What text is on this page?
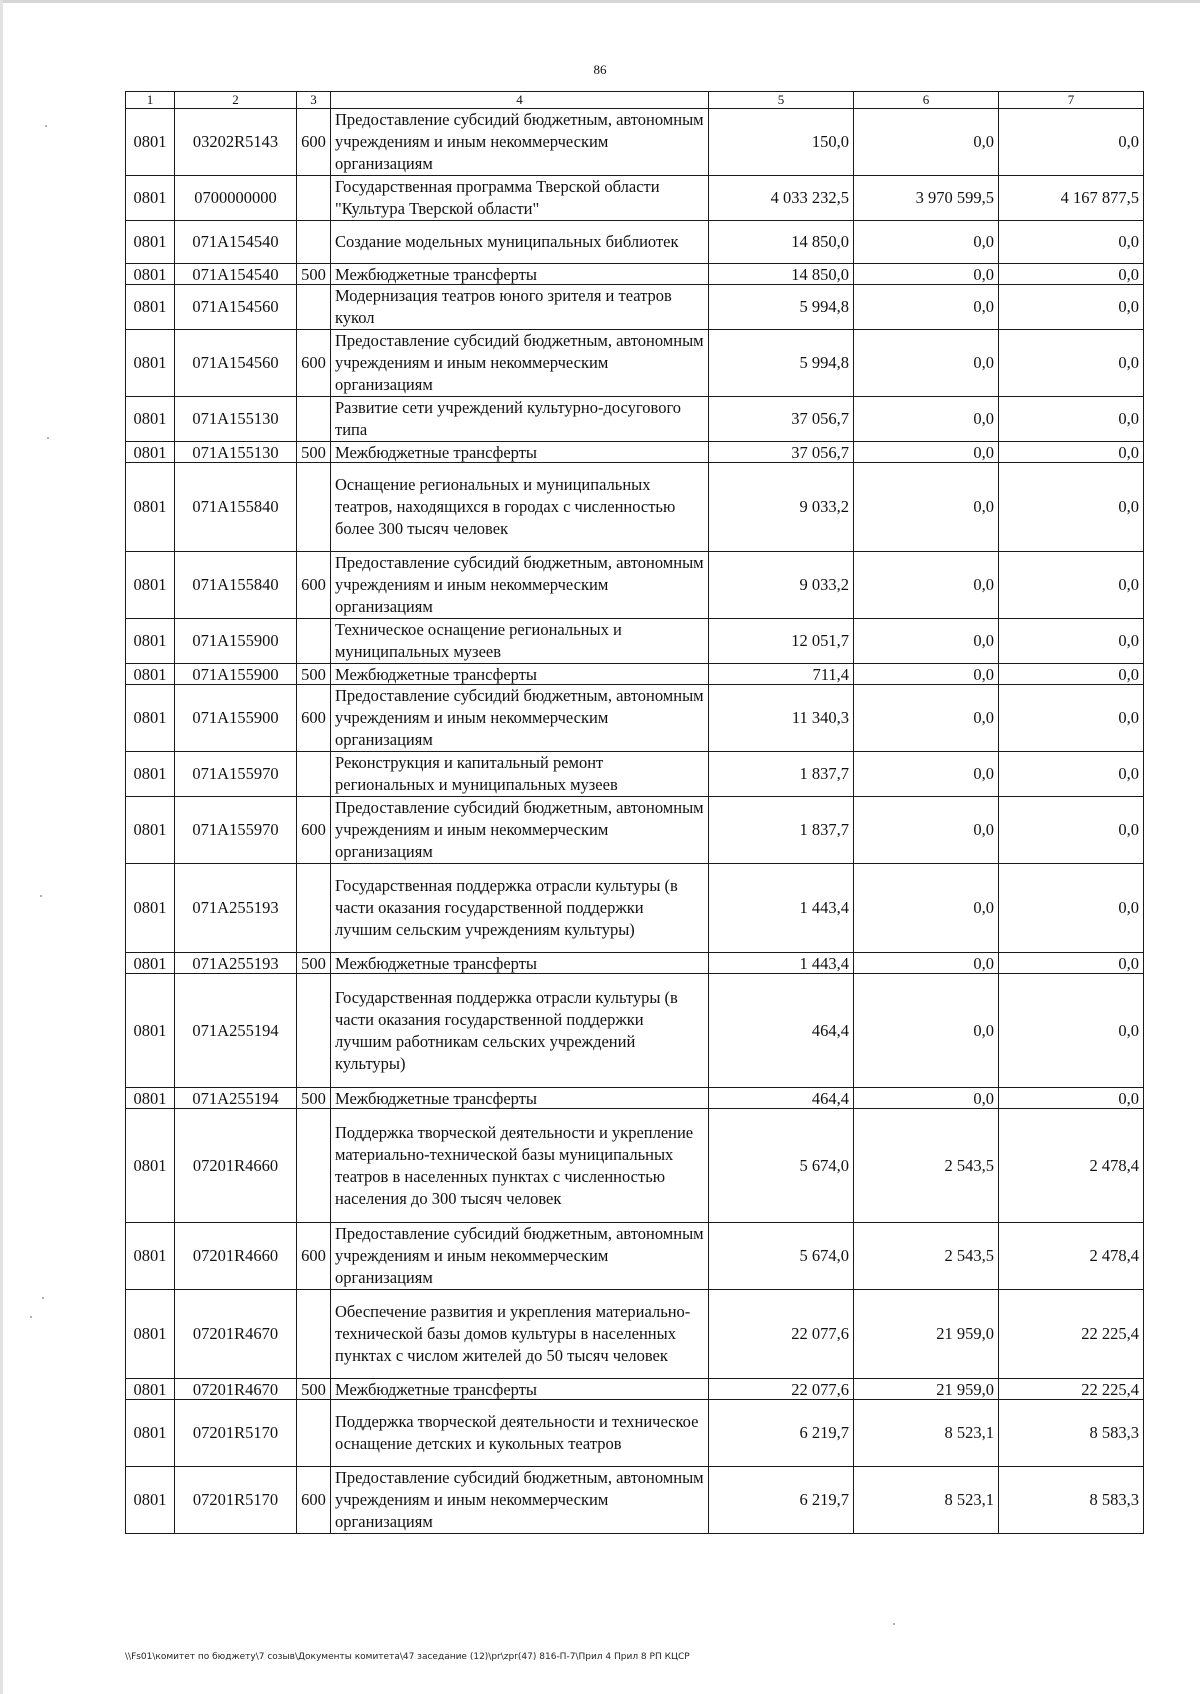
86
1	2	3	4	5	6	7
0801	03202R5143	600	Предоставление субсидий бюджетным, автономным учреждениям и иным некоммерческим организациям	150,0	0,0	0,0
0801	0700000000		Государственная программа Тверской области "Культура Тверской области"	4 033 232,5	3 970 599,5	4 167 877,5
0801	071A154540		Создание модельных муниципальных библиотек	14 850,0	0,0	0,0
0801	071A154540	500	Межбюджетные трансферты	14 850,0	0,0	0,0
0801	071A154560		Модернизация театров юного зрителя и театров кукол	5 994,8	0,0	0,0
0801	071A154560	600	Предоставление субсидий бюджетным, автономным учреждениям и иным некоммерческим организациям	5 994,8	0,0	0,0
0801	071A155130		Развитие сети учреждений культурно-досугового типа	37 056,7	0,0	0,0
0801	071A155130	500	Межбюджетные трансферты	37 056,7	0,0	0,0
0801	071A155840		Оснащение региональных и муниципальных театров, находящихся в городах с численностью более 300 тысяч человек	9 033,2	0,0	0,0
0801	071A155840	600	Предоставление субсидий бюджетным, автономным учреждениям и иным некоммерческим организациям	9 033,2	0,0	0,0
0801	071A155900		Техническое оснащение региональных и муниципальных музеев	12 051,7	0,0	0,0
0801	071A155900	500	Межбюджетные трансферты	711,4	0,0	0,0
0801	071A155900	600	Предоставление субсидий бюджетным, автономным учреждениям и иным некоммерческим организациям	11 340,3	0,0	0,0
0801	071A155970		Реконструкция и капитальный ремонт региональных и муниципальных музеев	1 837,7	0,0	0,0
0801	071A155970	600	Предоставление субсидий бюджетным, автономным учреждениям и иным некоммерческим организациям	1 837,7	0,0	0,0
0801	071A255193		Государственная поддержка отрасли культуры (в части оказания государственной поддержки лучшим сельским учреждениям культуры)	1 443,4	0,0	0,0
0801	071A255193	500	Межбюджетные трансферты	1 443,4	0,0	0,0
0801	071A255194		Государственная поддержка отрасли культуры (в части оказания государственной поддержки лучшим работникам сельских учреждений культуры)	464,4	0,0	0,0
0801	071A255194	500	Межбюджетные трансферты	464,4	0,0	0,0
0801	07201R4660		Поддержка творческой деятельности и укрепление материально-технической базы муниципальных театров в населенных пунктах с численностью населения до 300 тысяч человек	5 674,0	2 543,5	2 478,4
0801	07201R4660	600	Предоставление субсидий бюджетным, автономным учреждениям и иным некоммерческим организациям	5 674,0	2 543,5	2 478,4
0801	07201R4670		Обеспечение развития и укрепления материально-технической базы домов культуры в населенных пунктах с числом жителей до 50 тысяч человек	22 077,6	21 959,0	22 225,4
0801	07201R4670	500	Межбюджетные трансферты	22 077,6	21 959,0	22 225,4
0801	07201R5170		Поддержка творческой деятельности и техническое оснащение детских и кукольных театров	6 219,7	8 523,1	8 583,3
0801	07201R5170	600	Предоставление субсидий бюджетным, автономным учреждениям и иным некоммерческим организациям	6 219,7	8 523,1	8 583,3
\\Fs01\комитет по бюджету\7 созыв\Документы комитета\47 заседание (12)\pr\zpr(47) 816-П-7\Прил 4 Прил 8 РП КЦСР
